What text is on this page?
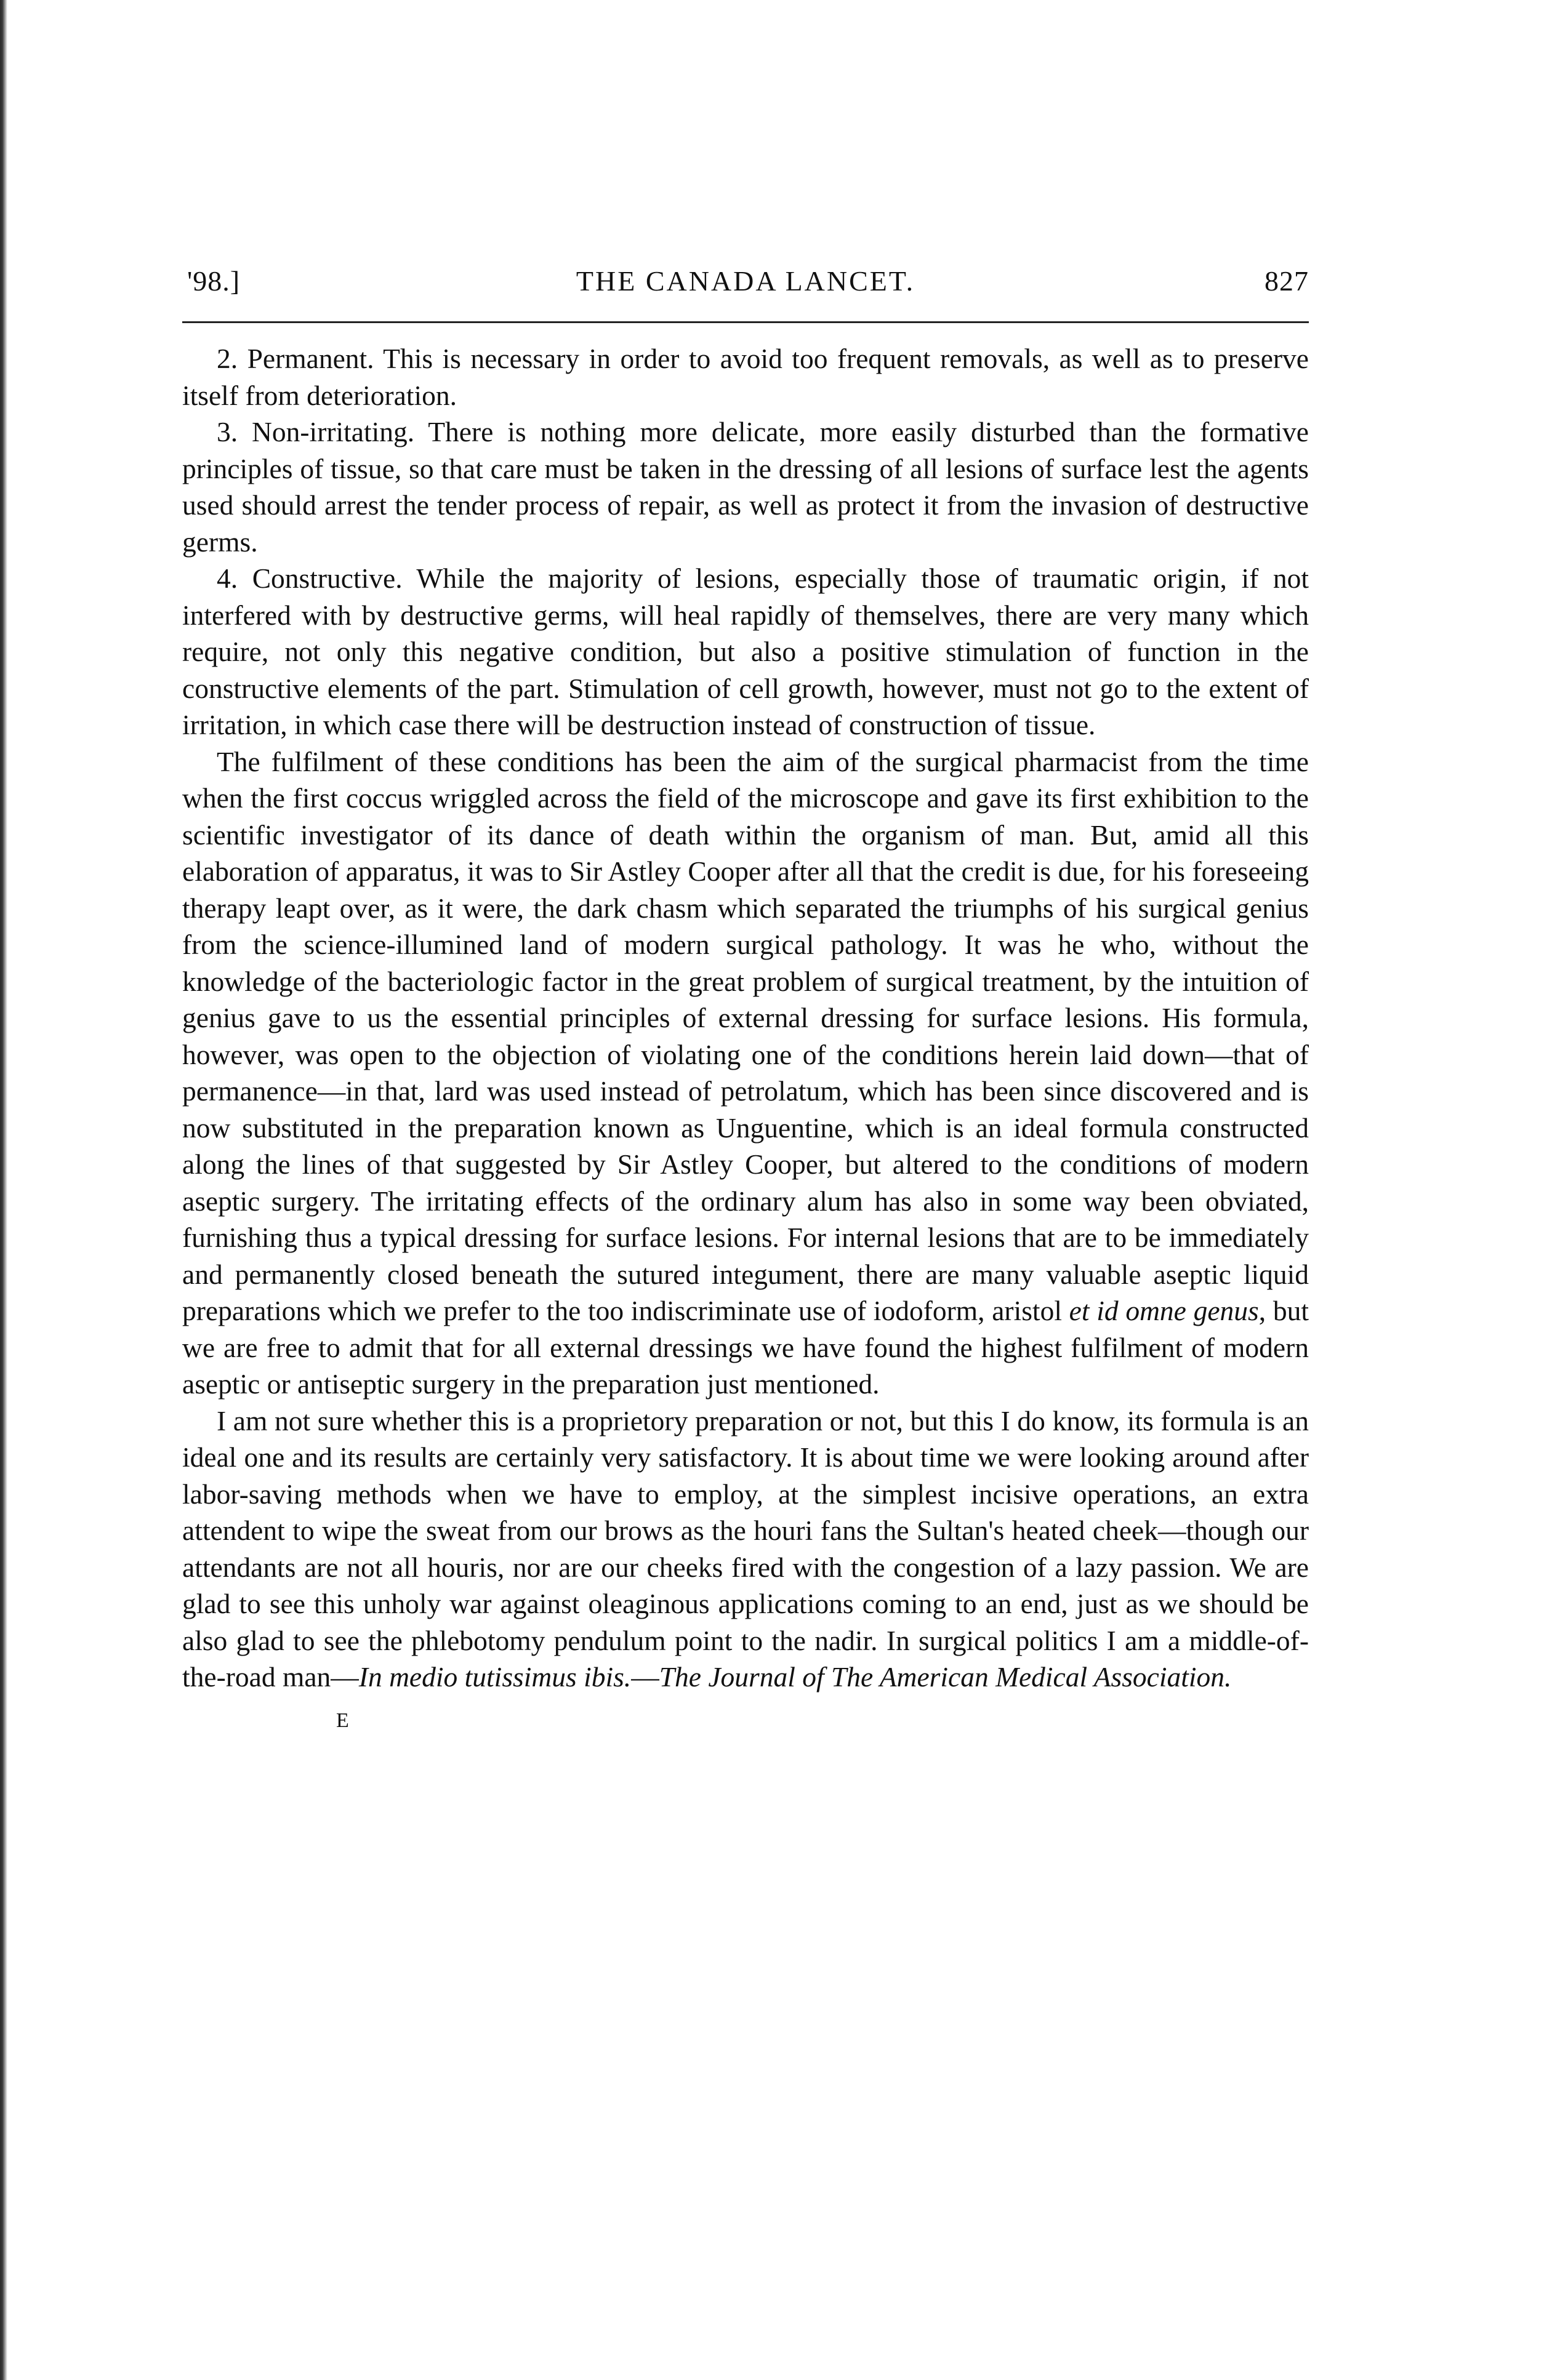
'98.]	THE CANADA LANCET.	827

2. Permanent. This is necessary in order to avoid too frequent removals, as well as to preserve itself from deterioration.

3. Non-irritating. There is nothing more delicate, more easily disturbed than the formative principles of tissue, so that care must be taken in the dressing of all lesions of surface lest the agents used should arrest the tender process of repair, as well as protect it from the invasion of destructive germs.

4. Constructive. While the majority of lesions, especially those of traumatic origin, if not interfered with by destructive germs, will heal rapidly of themselves, there are very many which require, not only this negative condition, but also a positive stimulation of function in the constructive elements of the part. Stimulation of cell growth, however, must not go to the extent of irritation, in which case there will be destruction instead of construction of tissue.

The fulfilment of these conditions has been the aim of the surgical pharmacist from the time when the first coccus wriggled across the field of the microscope and gave its first exhibition to the scientific investigator of its dance of death within the organism of man. But, amid all this elaboration of apparatus, it was to Sir Astley Cooper after all that the credit is due, for his foreseeing therapy leapt over, as it were, the dark chasm which separated the triumphs of his surgical genius from the science-illumined land of modern surgical pathology. It was he who, without the knowledge of the bacteriologic factor in the great problem of surgical treatment, by the intuition of genius gave to us the essential principles of external dressing for surface lesions. His formula, however, was open to the objection of violating one of the conditions herein laid down—that of permanence—in that, lard was used instead of petrolatum, which has been since discovered and is now substituted in the preparation known as Unguentine, which is an ideal formula constructed along the lines of that suggested by Sir Astley Cooper, but altered to the conditions of modern aseptic surgery. The irritating effects of the ordinary alum has also in some way been obviated, furnishing thus a typical dressing for surface lesions. For internal lesions that are to be immediately and permanently closed beneath the sutured integument, there are many valuable aseptic liquid preparations which we prefer to the too indiscriminate use of iodoform, aristol et id omne genus, but we are free to admit that for all external dressings we have found the highest fulfilment of modern aseptic or antiseptic surgery in the preparation just mentioned.

I am not sure whether this is a proprietory preparation or not, but this I do know, its formula is an ideal one and its results are certainly very satisfactory. It is about time we were looking around after labor-saving methods when we have to employ, at the simplest incisive operations, an extra attendent to wipe the sweat from our brows as the houri fans the Sultan's heated cheek—though our attendants are not all houris, nor are our cheeks fired with the congestion of a lazy passion. We are glad to see this unholy war against oleaginous applications coming to an end, just as we should be also glad to see the phlebotomy pendulum point to the nadir. In surgical politics I am a middle-of-the-road man—In medio tutissimus ibis.—The Journal of The American Medical Association.

E
